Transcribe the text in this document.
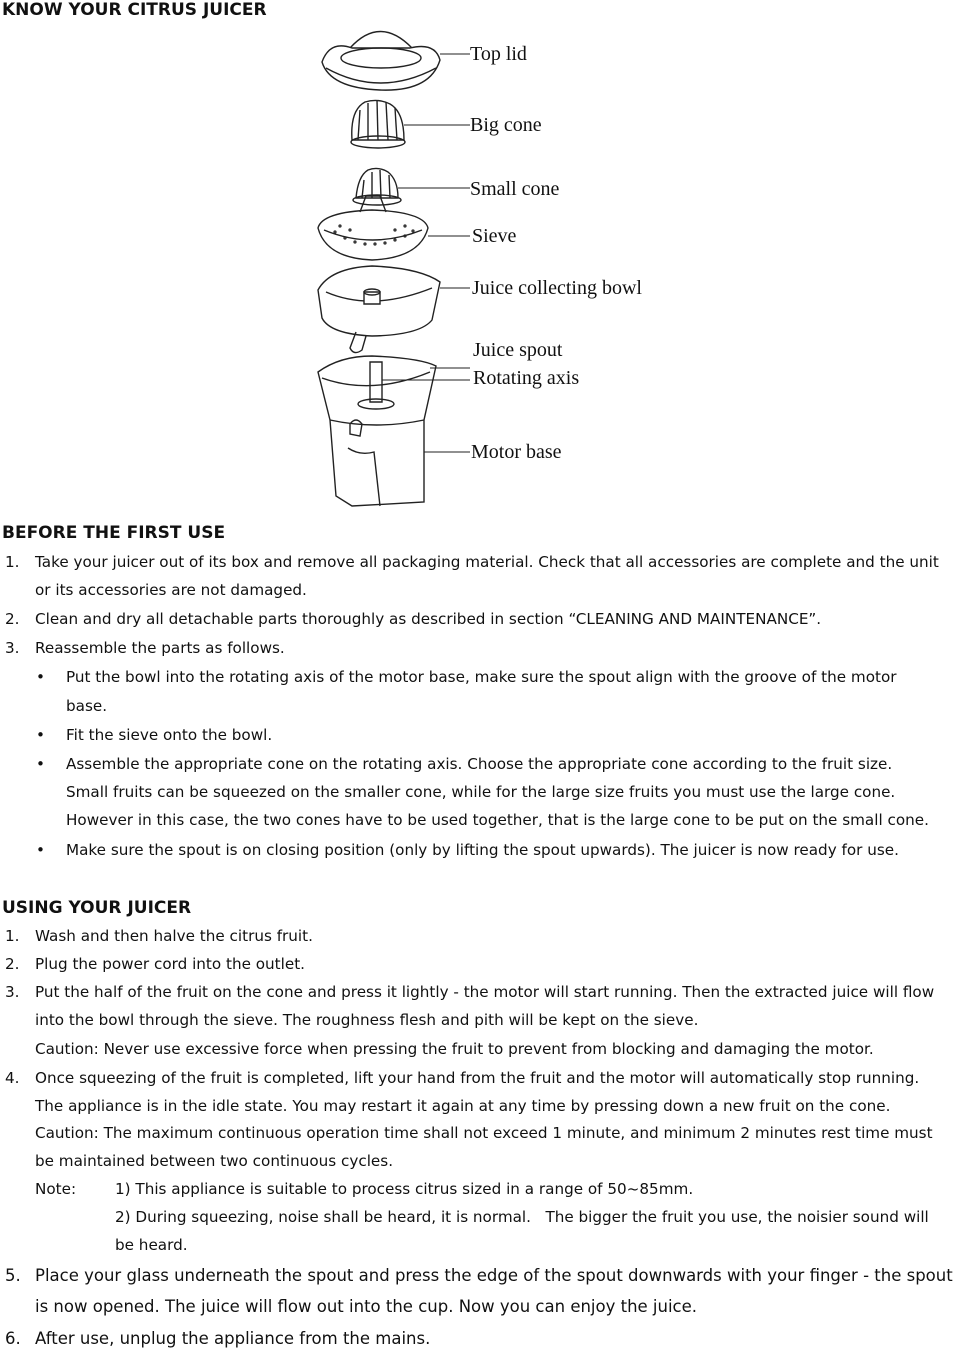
KNOW YOUR CITRUS JUICER
Top lid
Big cone
Small cone
Sieve
Juice collecting bowl
Juice spout
Rotating axis
Motor base
BEFORE THE FIRST USE
1. Take your juicer out of its box and remove all packaging material. Check that all accessories are complete and the unit
or its accessories are not damaged.
2. Clean and dry all detachable parts thoroughly as described in section “CLEANING AND MAINTENANCE”.
3. Reassemble the parts as follows.
• Put the bowl into the rotating axis of the motor base, make sure the spout align with the groove of the motor
base.
• Fit the sieve onto the bowl.
• Assemble the appropriate cone on the rotating axis. Choose the appropriate cone according to the fruit size.
Small fruits can be squeezed on the smaller cone, while for the large size fruits you must use the large cone.
However in this case, the two cones have to be used together, that is the large cone to be put on the small cone.
• Make sure the spout is on closing position (only by lifting the spout upwards). The juicer is now ready for use.
USING YOUR JUICER
1. Wash and then halve the citrus fruit.
2. Plug the power cord into the outlet.
3. Put the half of the fruit on the cone and press it lightly - the motor will start running. Then the extracted juice will flow
into the bowl through the sieve. The roughness flesh and pith will be kept on the sieve.
Caution: Never use excessive force when pressing the fruit to prevent from blocking and damaging the motor.
4. Once squeezing of the fruit is completed, lift your hand from the fruit and the motor will automatically stop running.
The appliance is in the idle state. You may restart it again at any time by pressing down a new fruit on the cone.
Caution: The maximum continuous operation time shall not exceed 1 minute, and minimum 2 minutes rest time must
be maintained between two continuous cycles.
Note:	1) This appliance is suitable to process citrus sized in a range of 50~85mm.
2) During squeezing, noise shall be heard, it is normal.   The bigger the fruit you use, the noisier sound will
be heard.
5. Place your glass underneath the spout and press the edge of the spout downwards with your finger - the spout
is now opened. The juice will flow out into the cup. Now you can enjoy the juice.
6. After use, unplug the appliance from the mains.
